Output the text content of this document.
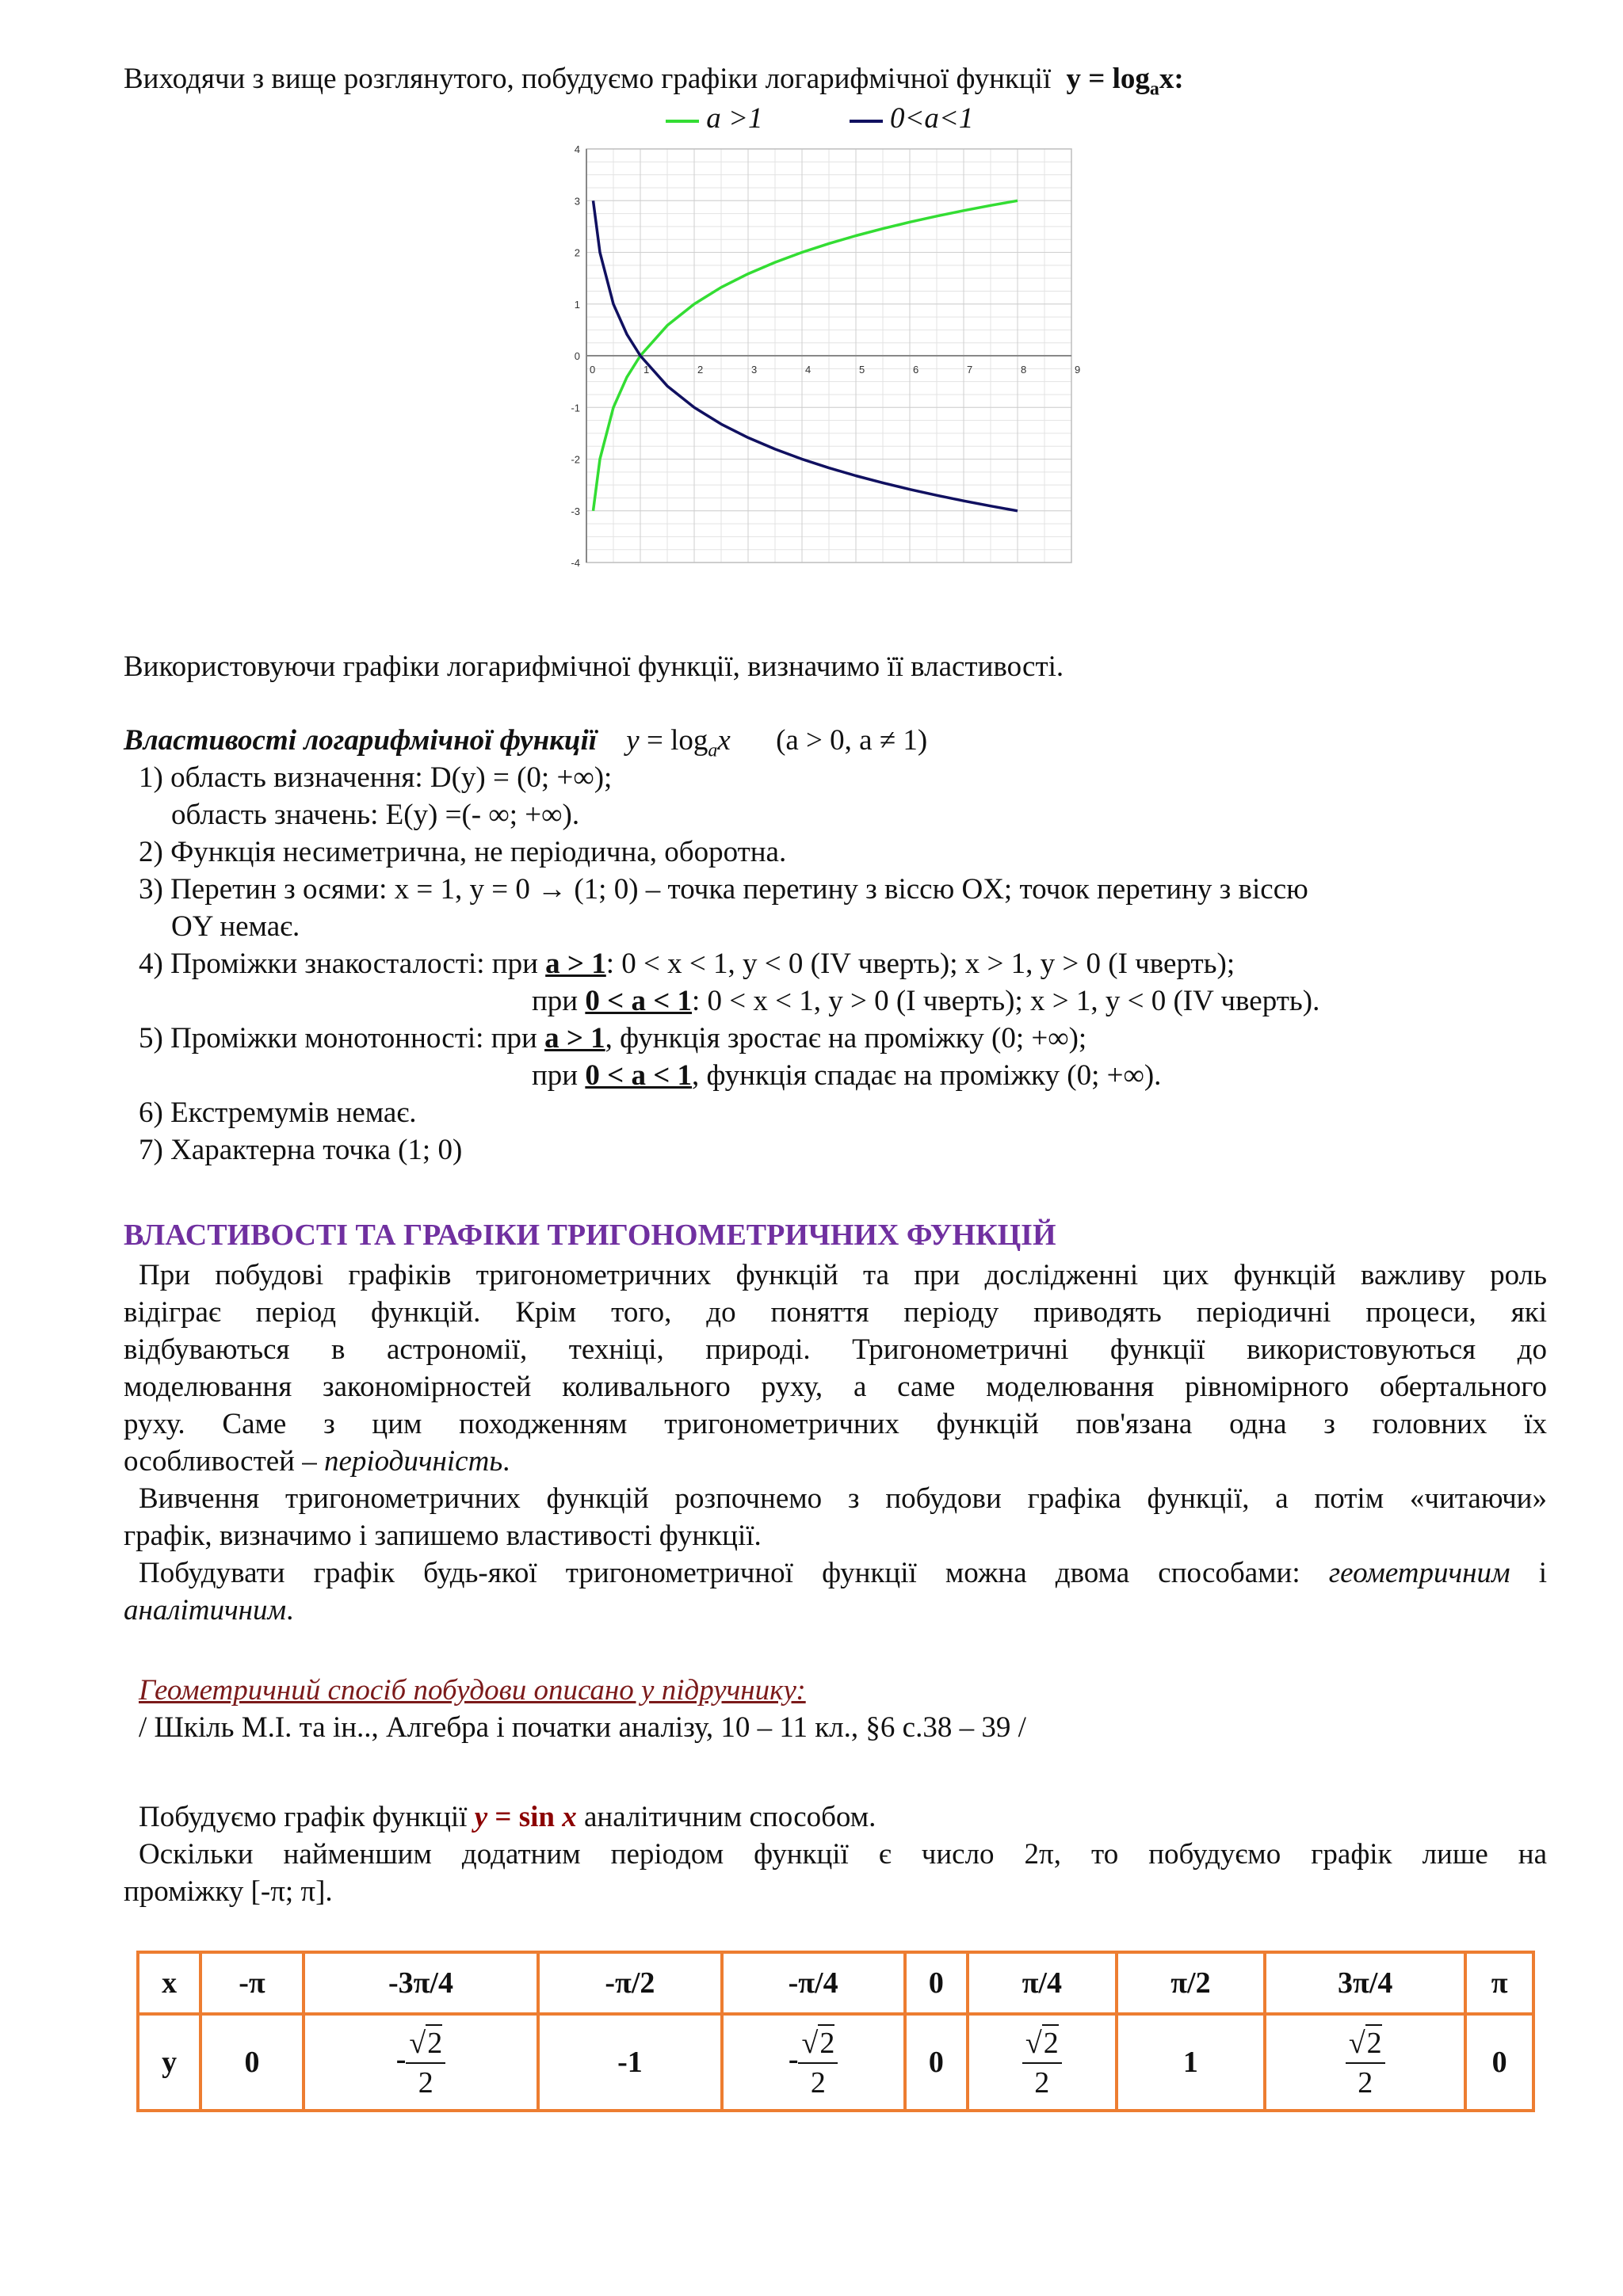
Виходячи з вище розглянутого, побудуємо графіки логарифмічної функції $y = \log_ax$:
a >1	0<a<1
0	1	2	3	4	5	6	7	8	9
-4
-3
-2
-1
0
1
2
3
4
Використовуючи графіки логарифмічної функції, визначимо її властивості.
Властивості логарифмічної функції $y = \log_ax$ (a > 0, a ≠ 1)
1) область визначення: D(y) = (0; +∞);
область значень: E(y) =(- ∞; +∞).
2) Функція несиметрична, не періодична, оборотна.
3) Перетин з осями: x = 1, y = 0 → (1; 0) – точка перетину з віссю OX; точок перетину з віссю
OY немає.
4) Проміжки знакосталості: при a > 1: 0 < x < 1, y < 0 (IV чверть); x > 1, y > 0 (I чверть);
при 0 < a < 1: 0 < x < 1, y > 0 (I чверть); x > 1, y < 0 (IV чверть).
5) Проміжки монотонності: при a > 1, функція зростає на проміжку (0; +∞);
при 0 < a < 1, функція спадає на проміжку (0; +∞).
6) Екстремумів немає.
7) Характерна точка (1; 0)
ВЛАСТИВОСТІ ТА ГРАФІКИ ТРИГОНОМЕТРИЧНИХ ФУНКЦІЙ
При побудові графіків тригонометричних функцій та при дослідженні цих функцій важливу роль
відіграє період функцій. Крім того, до поняття періоду приводять періодичні процеси, які
відбуваються в астрономії, техніці, природі. Тригонометричні функції використовуються до
моделювання закономірностей коливального руху, а саме моделювання рівномірного обертального
руху. Саме з цим походженням тригонометричних функцій пов'язана одна з головних їх
особливостей – періодичність.
Вивчення тригонометричних функцій розпочнемо з побудови графіка функції, а потім «читаючи»
графік, визначимо і запишемо властивості функції.
Побудувати графік будь-якої тригонометричної функції можна двома способами: геометричним і
аналітичним.
Геометричний спосіб побудови описано у підручнику:
/ Шкіль М.І. та ін.., Алгебра і початки аналізу, 10 – 11 кл., §6 с.38 – 39 /
Побудуємо графік функції y = sin x аналітичним способом.
Оскільки найменшим додатним періодом функції є число 2π, то побудуємо графік лише на
проміжку [-π; π].
x	-π	-3π/4	-π/2	-π/4	0	π/4	π/2	3π/4	π
y	0	- $\frac{√2}{2}$	-1	- $\frac{√2}{2}$	0	$\frac{√2}{2}$	1	$\frac{√2}{2}$	0
